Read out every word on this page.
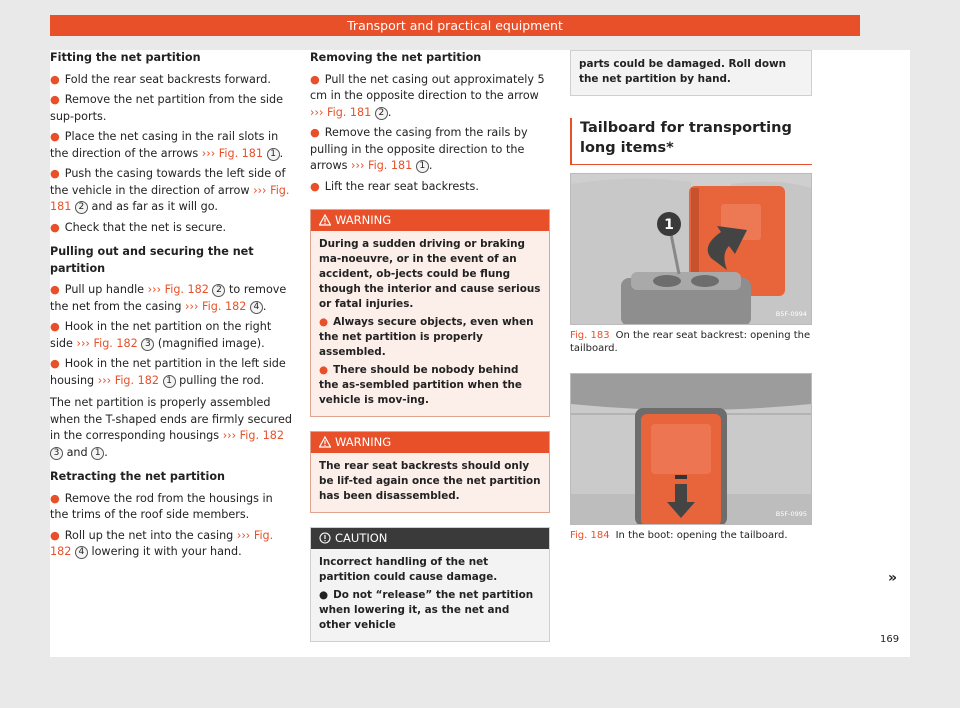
Transport and practical equipment
Fitting the net partition
● Fold the rear seat backrests forward.
● Remove the net partition from the side sup-ports.
● Place the net casing in the rail slots in the direction of the arrows ››› Fig. 181 1 .
● Push the casing towards the left side of the vehicle in the direction of arrow ››› Fig. 181 2 and as far as it will go.
● Check that the net is secure.
Pulling out and securing the net partition
● Pull up handle ››› Fig. 182 2 to remove the net from the casing ››› Fig. 182 4 .
● Hook in the net partition on the right side ››› Fig. 182 3 (magnified image).
● Hook in the net partition in the left side housing ››› Fig. 182 1 pulling the rod.
The net partition is properly assembled when the T-shaped ends are firmly secured in the corresponding housings ››› Fig. 182 3 and 1 .
Retracting the net partition
● Remove the rod from the housings in the trims of the roof side members.
● Roll up the net into the casing ››› Fig. 182 4 lowering it with your hand.
Removing the net partition
● Pull the net casing out approximately 5 cm in the opposite direction to the arrow ››› Fig. 181 2 .
● Remove the casing from the rails by pulling in the opposite direction to the arrows ››› Fig. 181 1 .
● Lift the rear seat backrests.
WARNING
During a sudden driving or braking ma-noeuvre, or in the event of an accident, ob-jects could be flung though the interior and cause serious or fatal injuries.
● Always secure objects, even when the net partition is properly assembled.
● There should be nobody behind the as-sembled partition when the vehicle is mov-ing.
WARNING
The rear seat backrests should only be lif-ted again once the net partition has been disassembled.
CAUTION
Incorrect handling of the net partition could cause damage.
● Do not “release” the net partition when lowering it, as the net and other vehicle
parts could be damaged. Roll down the net partition by hand.
Tailboard for transporting long items*
1
B5F-0994
Fig. 183 On the rear seat backrest: opening the tailboard.
B5F-0995
Fig. 184 In the boot: opening the tailboard.
»
169
